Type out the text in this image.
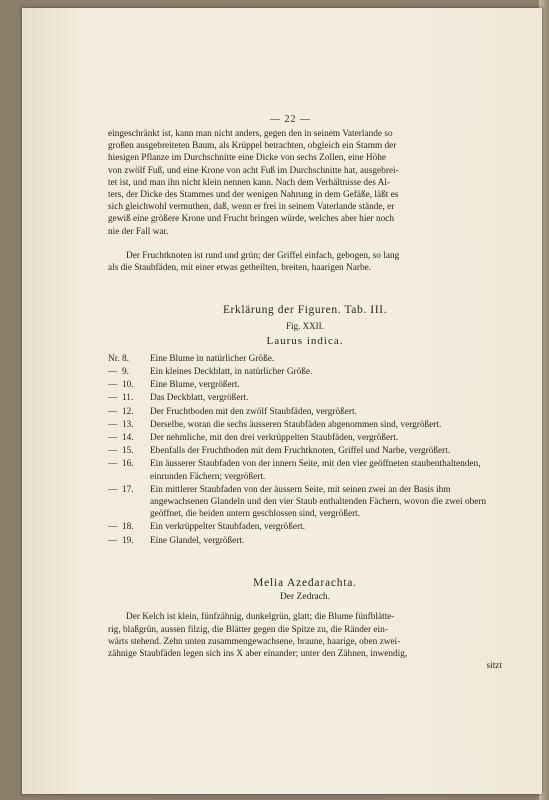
— 22 —

eingeschränkt ist, kann man nicht anders, gegen den in seinem Vaterlande so

großen ausgebreiteten Baum, als Krüppel betrachten, obgleich ein Stamm der

hiesigen Pflanze im Durchschnitte eine Dicke von sechs Zollen, eine Höhe

von zwölf Fuß, und eine Krone von acht Fuß im Durchschnitte hat, ausgebrei-

tet ist, und man ihn nicht klein nennen kann. Nach dem Verhältnisse des Al-

ters, der Dicke des Stammes und der wenigen Nahrung in dem Gefäße, läßt es

sich gleichwohl vermuthen, daß, wenn er frei in seinem Vaterlande stände, er

gewiß eine größere Krone und Frucht bringen würde, welches aber hier noch

nie der Fall war.

Der Fruchtknoten ist rund und grün; der Griffel einfach, gebogen, so lang

als die Staubfäden, mit einer etwas getheilten, breiten, haarigen Narbe.

Erklärung der Figuren. Tab. III.
Fig. XXII.
Laurus indica.
Nr. 8.	Eine Blume in natürlicher Größe.
— 9.	Ein kleines Deckblatt, in natürlicher Größe.
— 10.	Eine Blume, vergrößert.
— 11.	Das Deckblatt, vergrößert.
— 12.	Der Fruchtboden mit den zwölf Staubfäden, vergrößert.
— 13.	Derselbe, woran die sechs äusseren Staubfäden abgenommen sind, vergrößert.
— 14.	Der nehmliche, mit den drei verkrüppelten Staubfäden, vergrößert.
— 15.	Ebenfalls der Fruchtboden mit dem Fruchtknoten, Griffel und Narbe, vergrößert.
— 16.	Ein äusserer Staubfaden von der innern Seite, mit den vier geöffneten staubenthaltenden, einrunden Fächern; vergrößert.
— 17.	Ein mittlerer Staubfaden von der äussern Seite, mit seinen zwei an der Basis ihm angewachsenen Glandeln und den vier Staub enthaltenden Fächern, wovon die zwei obern geöffnet, die beiden untern geschlossen sind, vergrößert.
— 18.	Ein verkrüppelter Staubfaden, vergrößert.
— 19.	Eine Glandel, vergrößert.
Melia Azedarachta.
Der Zedrach.

Der Kelch ist klein, fünfzähnig, dunkelgrün, glatt; die Blume fünfblätte-

rig, blaßgrün, aussen filzig, die Blätter gegen die Spitze zu, die Ränder ein-

wärts stehend. Zehn unten zusammengewachsene, braune, haarige, oben zwei-

zähnige Staubfäden legen sich ins X aber einander; unter den Zähnen, inwendig,

sitzt
